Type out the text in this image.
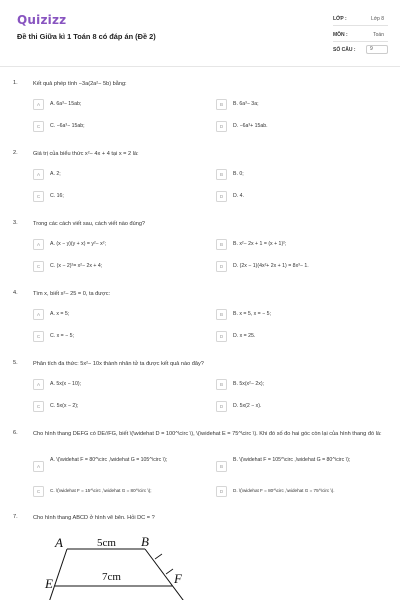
Quizizz
Đề thi Giữa kì 1 Toán 8 có đáp án (Đề 2)
LỚP :	Lớp 8
MÔN :	Toán
SỐ CÂU :	9
1.	Kết quả phép tính −3a(2a²− 5b) bằng:
A	A. 6a³− 15ab;	B	B. 6a³− 3a;
C	C. −6a³− 15ab;	D	D. −6a³+ 15ab.
2.	Giá trị của biểu thức x²− 4x + 4 tại x = 2 là:
A	A. 2;	B	B. 0;
C	C. 16;	D	D. 4.
3.	Trong các cách viết sau, cách viết nào đúng?
A	A. (x − y)(y + x) = y²− x²;	B	B. x²− 2x + 1 = (x + 1)²;
C	C. (x − 2)²= x²− 2x + 4;	D	D. (2x − 1)(4x²+ 2x + 1) = 8x³− 1.
4.	Tìm x, biết x²− 25 = 0, ta được:
A	A. x = 5;	B	B. x = 5, x = − 5;
C	C. x = − 5;	D	D. x = 25.
5.	Phân tích đa thức: 5x²− 10x thành nhân tử ta được kết quả nào đây?
A	A. 5x(x − 10);	B	B. 5x(x²− 2x);
C	C. 5x(x − 2);	D	D. 5x(2 − x).
6.	Cho hình thang DEFG có DE//FG, biết \(\widehat D = 100^\circ \), \(\widehat E = 75^\circ \). Khi đó số đo hai góc còn lại của hình thang đó là:
A
A. \(\widehat F = 80^\circ ,\widehat G = 105^\circ \);
B
B. \(\widehat F = 105^\circ ,\widehat G = 80^\circ \);
C	C. \(\widehat F = 15^\circ ,\widehat G = 80^\circ \);	D	D. \(\widehat F = 80^\circ ,\widehat G = 75^\circ \).
7.	Cho hình thang ABCD ở hình vẽ bên. Hỏi DC = ?
A	B
E	F
5cm
7cm
